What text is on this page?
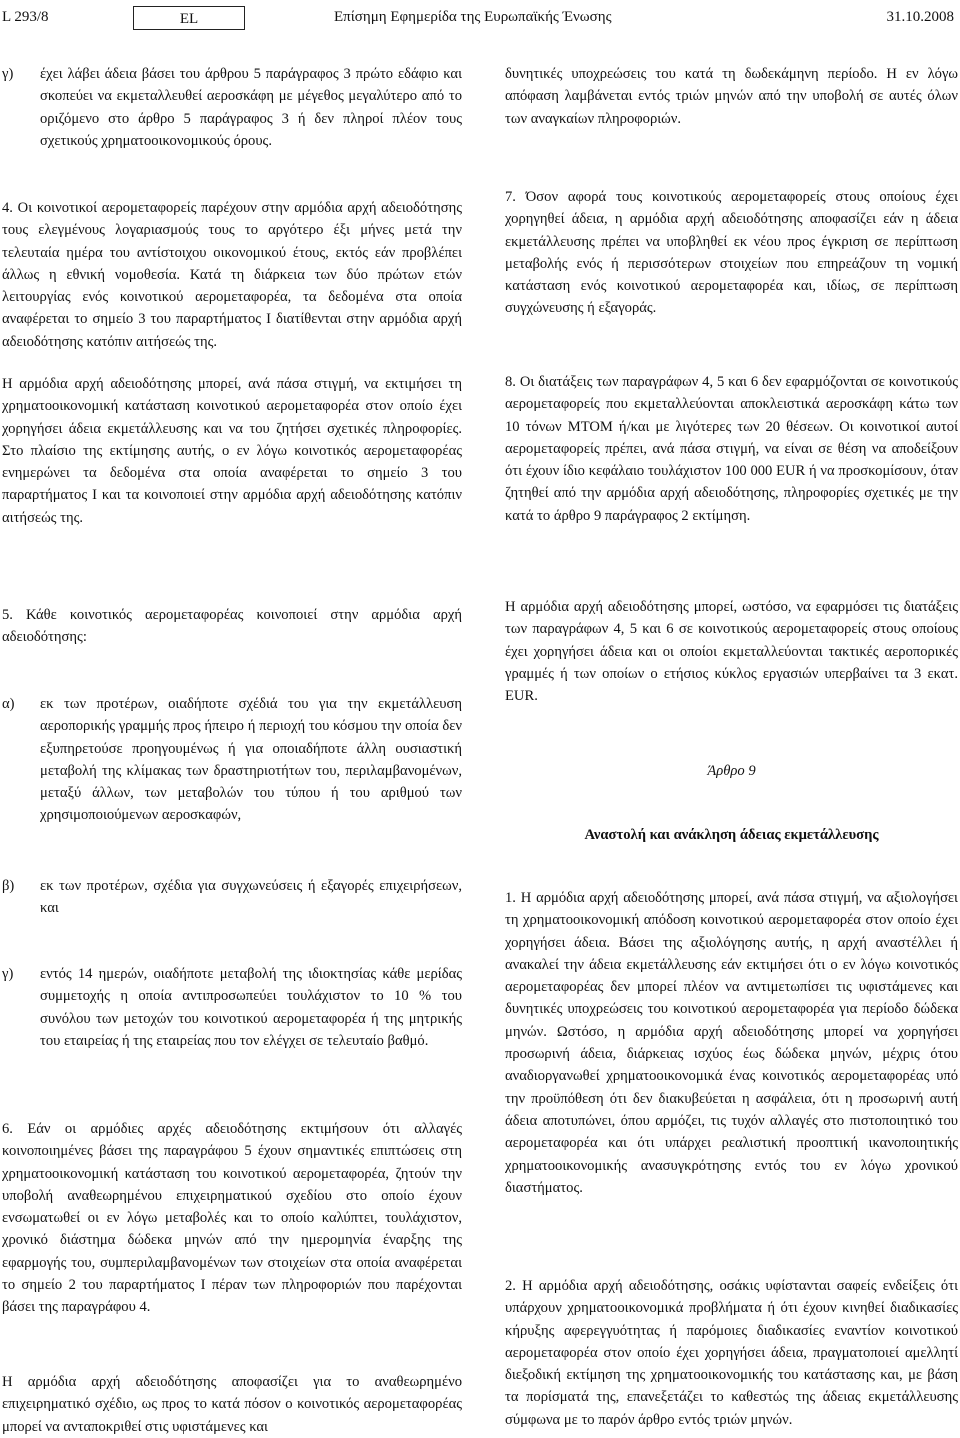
L 293/8	EL	Επίσημη Εφημερίδα της Ευρωπαϊκής Ένωσης	31.10.2008
γ) έχει λάβει άδεια βάσει του άρθρου 5 παράγραφος 3 πρώτο εδάφιο και σκοπεύει να εκμεταλλευθεί αεροσκάφη με μέγεθος μεγαλύτερο από το οριζόμενο στο άρθρο 5 παράγραφος 3 ή δεν πληροί πλέον τους σχετικούς χρηματοοικονομικούς όρους.

4. Οι κοινοτικοί αερομεταφορείς παρέχουν στην αρμόδια αρχή αδειοδότησης τους ελεγμένους λογαριασμούς τους το αργότερο έξι μήνες μετά την τελευταία ημέρα του αντίστοιχου οικονομικού έτους, εκτός εάν προβλέπει άλλως η εθνική νομοθεσία. Κατά τη διάρκεια των δύο πρώτων ετών λειτουργίας ενός κοινοτικού αερομεταφορέα, τα δεδομένα στα οποία αναφέρεται το σημείο 3 του παραρτήματος I διατίθενται στην αρμόδια αρχή αδειοδότησης κατόπιν αιτήσεώς της.

Η αρμόδια αρχή αδειοδότησης μπορεί, ανά πάσα στιγμή, να εκτιμήσει τη χρηματοοικονομική κατάσταση κοινοτικού αερομεταφορέα στον οποίο έχει χορηγήσει άδεια εκμετάλλευσης και να του ζητήσει σχετικές πληροφορίες. Στο πλαίσιο της εκτίμησης αυτής, ο εν λόγω κοινοτικός αερομεταφορέας ενημερώνει τα δεδομένα στα οποία αναφέρεται το σημείο 3 του παραρτήματος I και τα κοινοποιεί στην αρμόδια αρχή αδειοδότησης κατόπιν αιτήσεώς της.

5. Κάθε κοινοτικός αερομεταφορέας κοινοποιεί στην αρμόδια αρχή αδειοδότησης:

α) εκ των προτέρων, οιαδήποτε σχέδιά του για την εκμετάλλευση αεροπορικής γραμμής προς ήπειρο ή περιοχή του κόσμου την οποία δεν εξυπηρετούσε προηγουμένως ή για οποιαδήποτε άλλη ουσιαστική μεταβολή της κλίμακας των δραστηριοτήτων του, περιλαμβανομένων, μεταξύ άλλων, των μεταβολών του τύπου ή του αριθμού των χρησιμοποιούμενων αεροσκαφών,
β) εκ των προτέρων, σχέδια για συγχωνεύσεις ή εξαγορές επιχειρήσεων, και
γ) εντός 14 ημερών, οιαδήποτε μεταβολή της ιδιοκτησίας κάθε μερίδας συμμετοχής η οποία αντιπροσωπεύει τουλάχιστον το 10 % του συνόλου των μετοχών του κοινοτικού αερομεταφορέα ή της μητρικής του εταιρείας ή της εταιρείας που τον ελέγχει σε τελευταίο βαθμό.

6. Εάν οι αρμόδιες αρχές αδειοδότησης εκτιμήσουν ότι αλλαγές κοινοποιημένες βάσει της παραγράφου 5 έχουν σημαντικές επιπτώσεις στη χρηματοοικονομική κατάσταση του κοινοτικού αερομεταφορέα, ζητούν την υποβολή αναθεωρημένου επιχειρηματικού σχεδίου στο οποίο έχουν ενσωματωθεί οι εν λόγω μεταβολές και το οποίο καλύπτει, τουλάχιστον, χρονικό διάστημα δώδεκα μηνών από την ημερομηνία έναρξης της εφαρμογής του, συμπεριλαμβανομένων των στοιχείων στα οποία αναφέρεται το σημείο 2 του παραρτήματος I πέραν των πληροφοριών που παρέχονται βάσει της παραγράφου 4.

Η αρμόδια αρχή αδειοδότησης αποφασίζει για το αναθεωρημένο επιχειρηματικό σχέδιο, ως προς το κατά πόσον ο κοινοτικός αερομεταφορέας μπορεί να ανταποκριθεί στις υφιστάμενες και

δυνητικές υποχρεώσεις του κατά τη δωδεκάμηνη περίοδο. Η εν λόγω απόφαση λαμβάνεται εντός τριών μηνών από την υποβολή σε αυτές όλων των αναγκαίων πληροφοριών.

7. Όσον αφορά τους κοινοτικούς αερομεταφορείς στους οποίους έχει χορηγηθεί άδεια, η αρμόδια αρχή αδειοδότησης αποφασίζει εάν η άδεια εκμετάλλευσης πρέπει να υποβληθεί εκ νέου προς έγκριση σε περίπτωση μεταβολής ενός ή περισσότερων στοιχείων που επηρεάζουν τη νομική κατάσταση ενός κοινοτικού αερομεταφορέα και, ιδίως, σε περίπτωση συγχώνευσης ή εξαγοράς.

8. Οι διατάξεις των παραγράφων 4, 5 και 6 δεν εφαρμόζονται σε κοινοτικούς αερομεταφορείς που εκμεταλλεύονται αποκλειστικά αεροσκάφη κάτω των 10 τόνων MTOM ή/και με λιγότερες των 20 θέσεων. Οι κοινοτικοί αυτοί αερομεταφορείς πρέπει, ανά πάσα στιγμή, να είναι σε θέση να αποδείξουν ότι έχουν ίδιο κεφάλαιο τουλάχιστον 100 000 EUR ή να προσκομίσουν, όταν ζητηθεί από την αρμόδια αρχή αδειοδότησης, πληροφορίες σχετικές με την κατά το άρθρο 9 παράγραφος 2 εκτίμηση.

Η αρμόδια αρχή αδειοδότησης μπορεί, ωστόσο, να εφαρμόσει τις διατάξεις των παραγράφων 4, 5 και 6 σε κοινοτικούς αερομεταφορείς στους οποίους έχει χορηγήσει άδεια και οι οποίοι εκμεταλλεύονται τακτικές αεροπορικές γραμμές ή των οποίων ο ετήσιος κύκλος εργασιών υπερβαίνει τα 3 εκατ. EUR.

Άρθρο 9

Αναστολή και ανάκληση άδειας εκμετάλλευσης

1. Η αρμόδια αρχή αδειοδότησης μπορεί, ανά πάσα στιγμή, να αξιολογήσει τη χρηματοοικονομική απόδοση κοινοτικού αερομεταφορέα στον οποίο έχει χορηγήσει άδεια. Βάσει της αξιολόγησης αυτής, η αρχή αναστέλλει ή ανακαλεί την άδεια εκμετάλλευσης εάν εκτιμήσει ότι ο εν λόγω κοινοτικός αερομεταφορέας δεν μπορεί πλέον να αντιμετωπίσει τις υφιστάμενες και δυνητικές υποχρεώσεις του κοινοτικού αερομεταφορέα για περίοδο δώδεκα μηνών. Ωστόσο, η αρμόδια αρχή αδειοδότησης μπορεί να χορηγήσει προσωρινή άδεια, διάρκειας ισχύος έως δώδεκα μηνών, μέχρις ότου αναδιοργανωθεί χρηματοοικονομικά ένας κοινοτικός αερομεταφορέας υπό την προϋπόθεση ότι δεν διακυβεύεται η ασφάλεια, ότι η προσωρινή αυτή άδεια αποτυπώνει, όπου αρμόζει, τις τυχόν αλλαγές στο πιστοποιητικό του αερομεταφορέα και ότι υπάρχει ρεαλιστική προοπτική ικανοποιητικής χρηματοοικονομικής ανασυγκρότησης εντός του εν λόγω χρονικού διαστήματος.

2. Η αρμόδια αρχή αδειοδότησης, οσάκις υφίστανται σαφείς ενδείξεις ότι υπάρχουν χρηματοοικονομικά προβλήματα ή ότι έχουν κινηθεί διαδικασίες κήρυξης αφερεγγυότητας ή παρόμοιες διαδικασίες εναντίον κοινοτικού αερομεταφορέα στον οποίο έχει χορηγήσει άδεια, πραγματοποιεί αμελλητί διεξοδική εκτίμηση της χρηματοοικονομικής του κατάστασης και, με βάση τα πορίσματά της, επανεξετάζει το καθεστώς της άδειας εκμετάλλευσης σύμφωνα με το παρόν άρθρο εντός τριών μηνών.
